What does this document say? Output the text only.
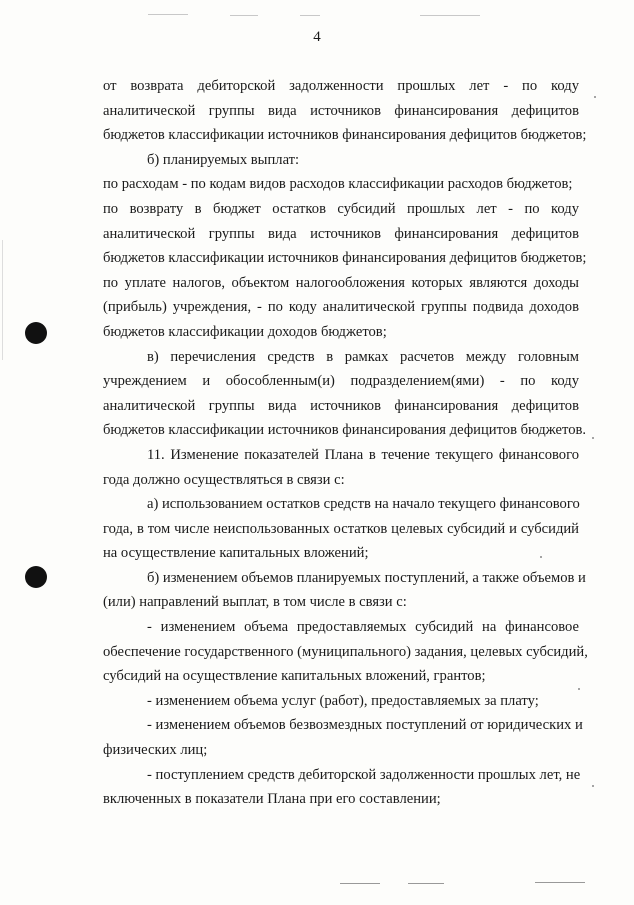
4
от возврата дебиторской задолженности прошлых лет - по коду
аналитической группы вида источников финансирования дефицитов
бюджетов классификации источников финансирования дефицитов бюджетов;
б) планируемых выплат:
по расходам - по кодам видов расходов классификации расходов бюджетов;
по возврату в бюджет остатков субсидий прошлых лет - по коду
аналитической группы вида источников финансирования дефицитов
бюджетов классификации источников финансирования дефицитов бюджетов;
по уплате налогов, объектом налогообложения которых являются доходы
(прибыль) учреждения, - по коду аналитической группы подвида доходов
бюджетов классификации доходов бюджетов;
в) перечисления средств в рамках расчетов между головным
учреждением и обособленным(и) подразделением(ями) - по коду
аналитической группы вида источников финансирования дефицитов
бюджетов классификации источников финансирования дефицитов бюджетов.
11. Изменение показателей Плана в течение текущего финансового
года должно осуществляться в связи с:
а) использованием остатков средств на начало текущего финансового
года, в том числе неиспользованных остатков целевых субсидий и субсидий
на осуществление капитальных вложений;
б) изменением объемов планируемых поступлений, а также объемов и
(или) направлений выплат, в том числе в связи с:
- изменением объема предоставляемых субсидий на финансовое
обеспечение государственного (муниципального) задания, целевых субсидий,
субсидий на осуществление капитальных вложений, грантов;
- изменением объема услуг (работ), предоставляемых за плату;
- изменением объемов безвозмездных поступлений от юридических и
физических лиц;
- поступлением средств дебиторской задолженности прошлых лет, не
включенных в показатели Плана при его составлении;
